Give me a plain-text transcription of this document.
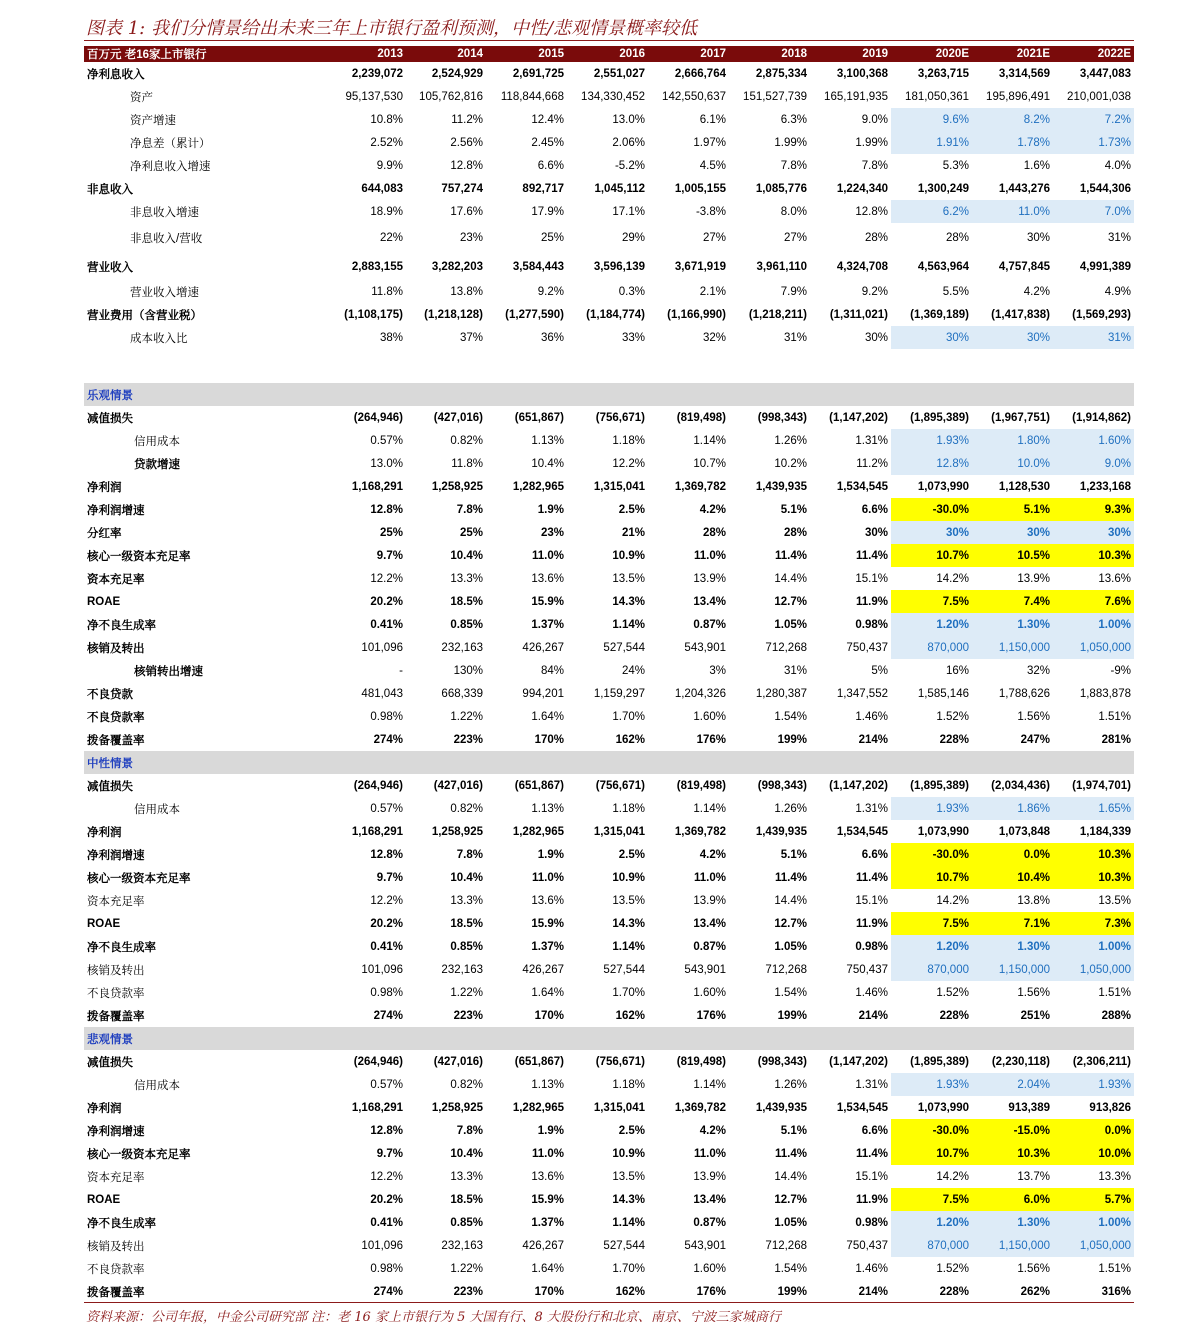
图表 1: 我们分情景给出未来三年上市银行盈利预测，中性/悲观情景概率较低
百万元 老16家上市银行	2013	2014	2015	2016	2017	2018	2019	2020E	2021E	2022E
净利息收入	2,239,072	2,524,929	2,691,725	2,551,027	2,666,764	2,875,334	3,100,368	3,263,715	3,314,569	3,447,083
资产	95,137,530	105,762,816	118,844,668	134,330,452	142,550,637	151,527,739	165,191,935	181,050,361	195,896,491	210,001,038
资产增速	10.8%	11.2%	12.4%	13.0%	6.1%	6.3%	9.0%	9.6%	8.2%	7.2%
净息差（累计）	2.52%	2.56%	2.45%	2.06%	1.97%	1.99%	1.99%	1.91%	1.78%	1.73%
净利息收入增速	9.9%	12.8%	6.6%	-5.2%	4.5%	7.8%	7.8%	5.3%	1.6%	4.0%
非息收入	644,083	757,274	892,717	1,045,112	1,005,155	1,085,776	1,224,340	1,300,249	1,443,276	1,544,306
非息收入增速	18.9%	17.6%	17.9%	17.1%	-3.8%	8.0%	12.8%	6.2%	11.0%	7.0%
非息收入/营收	22%	23%	25%	29%	27%	27%	28%	28%	30%	31%
营业收入	2,883,155	3,282,203	3,584,443	3,596,139	3,671,919	3,961,110	4,324,708	4,563,964	4,757,845	4,991,389
营业收入增速	11.8%	13.8%	9.2%	0.3%	2.1%	7.9%	9.2%	5.5%	4.2%	4.9%
营业费用（含营业税）	(1,108,175)	(1,218,128)	(1,277,590)	(1,184,774)	(1,166,990)	(1,218,211)	(1,311,021)	(1,369,189)	(1,417,838)	(1,569,293)
成本收入比	38%	37%	36%	33%	32%	31%	30%	30%	30%	31%

乐观情景										
减值损失	(264,946)	(427,016)	(651,867)	(756,671)	(819,498)	(998,343)	(1,147,202)	(1,895,389)	(1,967,751)	(1,914,862)
信用成本	0.57%	0.82%	1.13%	1.18%	1.14%	1.26%	1.31%	1.93%	1.80%	1.60%
贷款增速	13.0%	11.8%	10.4%	12.2%	10.7%	10.2%	11.2%	12.8%	10.0%	9.0%
净利润	1,168,291	1,258,925	1,282,965	1,315,041	1,369,782	1,439,935	1,534,545	1,073,990	1,128,530	1,233,168
净利润增速	12.8%	7.8%	1.9%	2.5%	4.2%	5.1%	6.6%	-30.0%	5.1%	9.3%
分红率	25%	25%	23%	21%	28%	28%	30%	30%	30%	30%
核心一级资本充足率	9.7%	10.4%	11.0%	10.9%	11.0%	11.4%	11.4%	10.7%	10.5%	10.3%
资本充足率	12.2%	13.3%	13.6%	13.5%	13.9%	14.4%	15.1%	14.2%	13.9%	13.6%
ROAE	20.2%	18.5%	15.9%	14.3%	13.4%	12.7%	11.9%	7.5%	7.4%	7.6%
净不良生成率	0.41%	0.85%	1.37%	1.14%	0.87%	1.05%	0.98%	1.20%	1.30%	1.00%
核销及转出	101,096	232,163	426,267	527,544	543,901	712,268	750,437	870,000	1,150,000	1,050,000
核销转出增速	-	130%	84%	24%	3%	31%	5%	16%	32%	-9%
不良贷款	481,043	668,339	994,201	1,159,297	1,204,326	1,280,387	1,347,552	1,585,146	1,788,626	1,883,878
不良贷款率	0.98%	1.22%	1.64%	1.70%	1.60%	1.54%	1.46%	1.52%	1.56%	1.51%
拨备覆盖率	274%	223%	170%	162%	176%	199%	214%	228%	247%	281%
中性情景										
减值损失	(264,946)	(427,016)	(651,867)	(756,671)	(819,498)	(998,343)	(1,147,202)	(1,895,389)	(2,034,436)	(1,974,701)
信用成本	0.57%	0.82%	1.13%	1.18%	1.14%	1.26%	1.31%	1.93%	1.86%	1.65%
净利润	1,168,291	1,258,925	1,282,965	1,315,041	1,369,782	1,439,935	1,534,545	1,073,990	1,073,848	1,184,339
净利润增速	12.8%	7.8%	1.9%	2.5%	4.2%	5.1%	6.6%	-30.0%	0.0%	10.3%
核心一级资本充足率	9.7%	10.4%	11.0%	10.9%	11.0%	11.4%	11.4%	10.7%	10.4%	10.3%
资本充足率	12.2%	13.3%	13.6%	13.5%	13.9%	14.4%	15.1%	14.2%	13.8%	13.5%
ROAE	20.2%	18.5%	15.9%	14.3%	13.4%	12.7%	11.9%	7.5%	7.1%	7.3%
净不良生成率	0.41%	0.85%	1.37%	1.14%	0.87%	1.05%	0.98%	1.20%	1.30%	1.00%
核销及转出	101,096	232,163	426,267	527,544	543,901	712,268	750,437	870,000	1,150,000	1,050,000
不良贷款率	0.98%	1.22%	1.64%	1.70%	1.60%	1.54%	1.46%	1.52%	1.56%	1.51%
拨备覆盖率	274%	223%	170%	162%	176%	199%	214%	228%	251%	288%
悲观情景										
减值损失	(264,946)	(427,016)	(651,867)	(756,671)	(819,498)	(998,343)	(1,147,202)	(1,895,389)	(2,230,118)	(2,306,211)
信用成本	0.57%	0.82%	1.13%	1.18%	1.14%	1.26%	1.31%	1.93%	2.04%	1.93%
净利润	1,168,291	1,258,925	1,282,965	1,315,041	1,369,782	1,439,935	1,534,545	1,073,990	913,389	913,826
净利润增速	12.8%	7.8%	1.9%	2.5%	4.2%	5.1%	6.6%	-30.0%	-15.0%	0.0%
核心一级资本充足率	9.7%	10.4%	11.0%	10.9%	11.0%	11.4%	11.4%	10.7%	10.3%	10.0%
资本充足率	12.2%	13.3%	13.6%	13.5%	13.9%	14.4%	15.1%	14.2%	13.7%	13.3%
ROAE	20.2%	18.5%	15.9%	14.3%	13.4%	12.7%	11.9%	7.5%	6.0%	5.7%
净不良生成率	0.41%	0.85%	1.37%	1.14%	0.87%	1.05%	0.98%	1.20%	1.30%	1.00%
核销及转出	101,096	232,163	426,267	527,544	543,901	712,268	750,437	870,000	1,150,000	1,050,000
不良贷款率	0.98%	1.22%	1.64%	1.70%	1.60%	1.54%	1.46%	1.52%	1.56%	1.51%
拨备覆盖率	274%	223%	170%	162%	176%	199%	214%	228%	262%	316%
资料来源：公司年报，中金公司研究部 注：老 16 家上市银行为 5 大国有行、8 大股份行和北京、南京、宁波三家城商行
